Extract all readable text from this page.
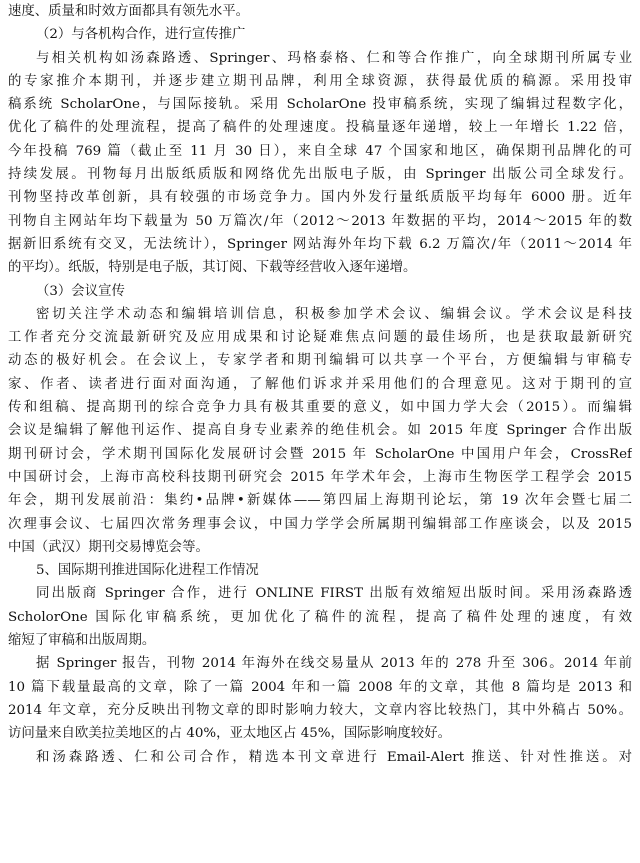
速度、质量和时效方面都具有领先水平。
（2）与各机构合作，进行宣传推广
与相关机构如汤森路透、Springer、玛格泰格、仁和等合作推广，向全球期刊所属专业
的专家推介本期刊，并逐步建立期刊品牌，利用全球资源，获得最优质的稿源。采用投审
稿系统 ScholarOne，与国际接轨。采用 ScholarOne 投审稿系统，实现了编辑过程数字化，
优化了稿件的处理流程，提高了稿件的处理速度。投稿量逐年递增，较上一年增长 1.22 倍，
今年投稿 769 篇（截止至 11 月 30 日），来自全球 47 个国家和地区，确保期刊品牌化的可
持续发展。刊物每月出版纸质版和网络优先出版电子版，由 Springer 出版公司全球发行。
刊物坚持改革创新，具有较强的市场竞争力。国内外发行量纸质版平均每年 6000 册。近年
刊物自主网站年均下载量为 50 万篇次/年（2012～2013 年数据的平均，2014～2015 年的数
据新旧系统有交叉，无法统计），Springer 网站海外年均下载 6.2 万篇次/年（2011～2014 年
的平均）。纸版，特别是电子版，其订阅、下载等经营收入逐年递增。
（3）会议宣传
密切关注学术动态和编辑培训信息，积极参加学术会议、编辑会议。学术会议是科技
工作者充分交流最新研究及应用成果和讨论疑难焦点问题的最佳场所，也是获取最新研究
动态的极好机会。在会议上，专家学者和期刊编辑可以共享一个平台，方便编辑与审稿专
家、作者、读者进行面对面沟通，了解他们诉求并采用他们的合理意见。这对于期刊的宣
传和组稿、提高期刊的综合竞争力具有极其重要的意义，如中国力学大会（2015）。而编辑
会议是编辑了解他刊运作、提高自身专业素养的绝佳机会。如 2015 年度 Springer 合作出版
期刊研讨会，学术期刊国际化发展研讨会暨 2015 年 ScholarOne 中国用户年会，CrossRef
中国研讨会，上海市高校科技期刊研究会 2015 年学术年会，上海市生物医学工程学会 2015
年会，期刊发展前沿：集约•品牌•新媒体——第四届上海期刊论坛，第 19 次年会暨七届二
次理事会议、七届四次常务理事会议，中国力学学会所属期刊编辑部工作座谈会，以及 2015
中国（武汉）期刊交易博览会等。
5、国际期刊推进国际化进程工作情况
同出版商 Springer 合作，进行 ONLINE FIRST 出版有效缩短出版时间。采用汤森路透
ScholorOne 国际化审稿系统，更加优化了稿件的流程，提高了稿件处理的速度，有效
缩短了审稿和出版周期。
据 Springer 报告，刊物 2014 年海外在线交易量从 2013 年的 278 升至 306。2014 年前
10 篇下载量最高的文章，除了一篇 2004 年和一篇 2008 年的文章，其他 8 篇均是 2013 和
2014 年文章，充分反映出刊物文章的即时影响力较大，文章内容比较热门，其中外稿占 50%。
访问量来自欧美拉美地区的占 40%，亚太地区占 45%，国际影响度较好。
和汤森路透、仁和公司合作，精选本刊文章进行 Email-Alert 推送、针对性推送。对
